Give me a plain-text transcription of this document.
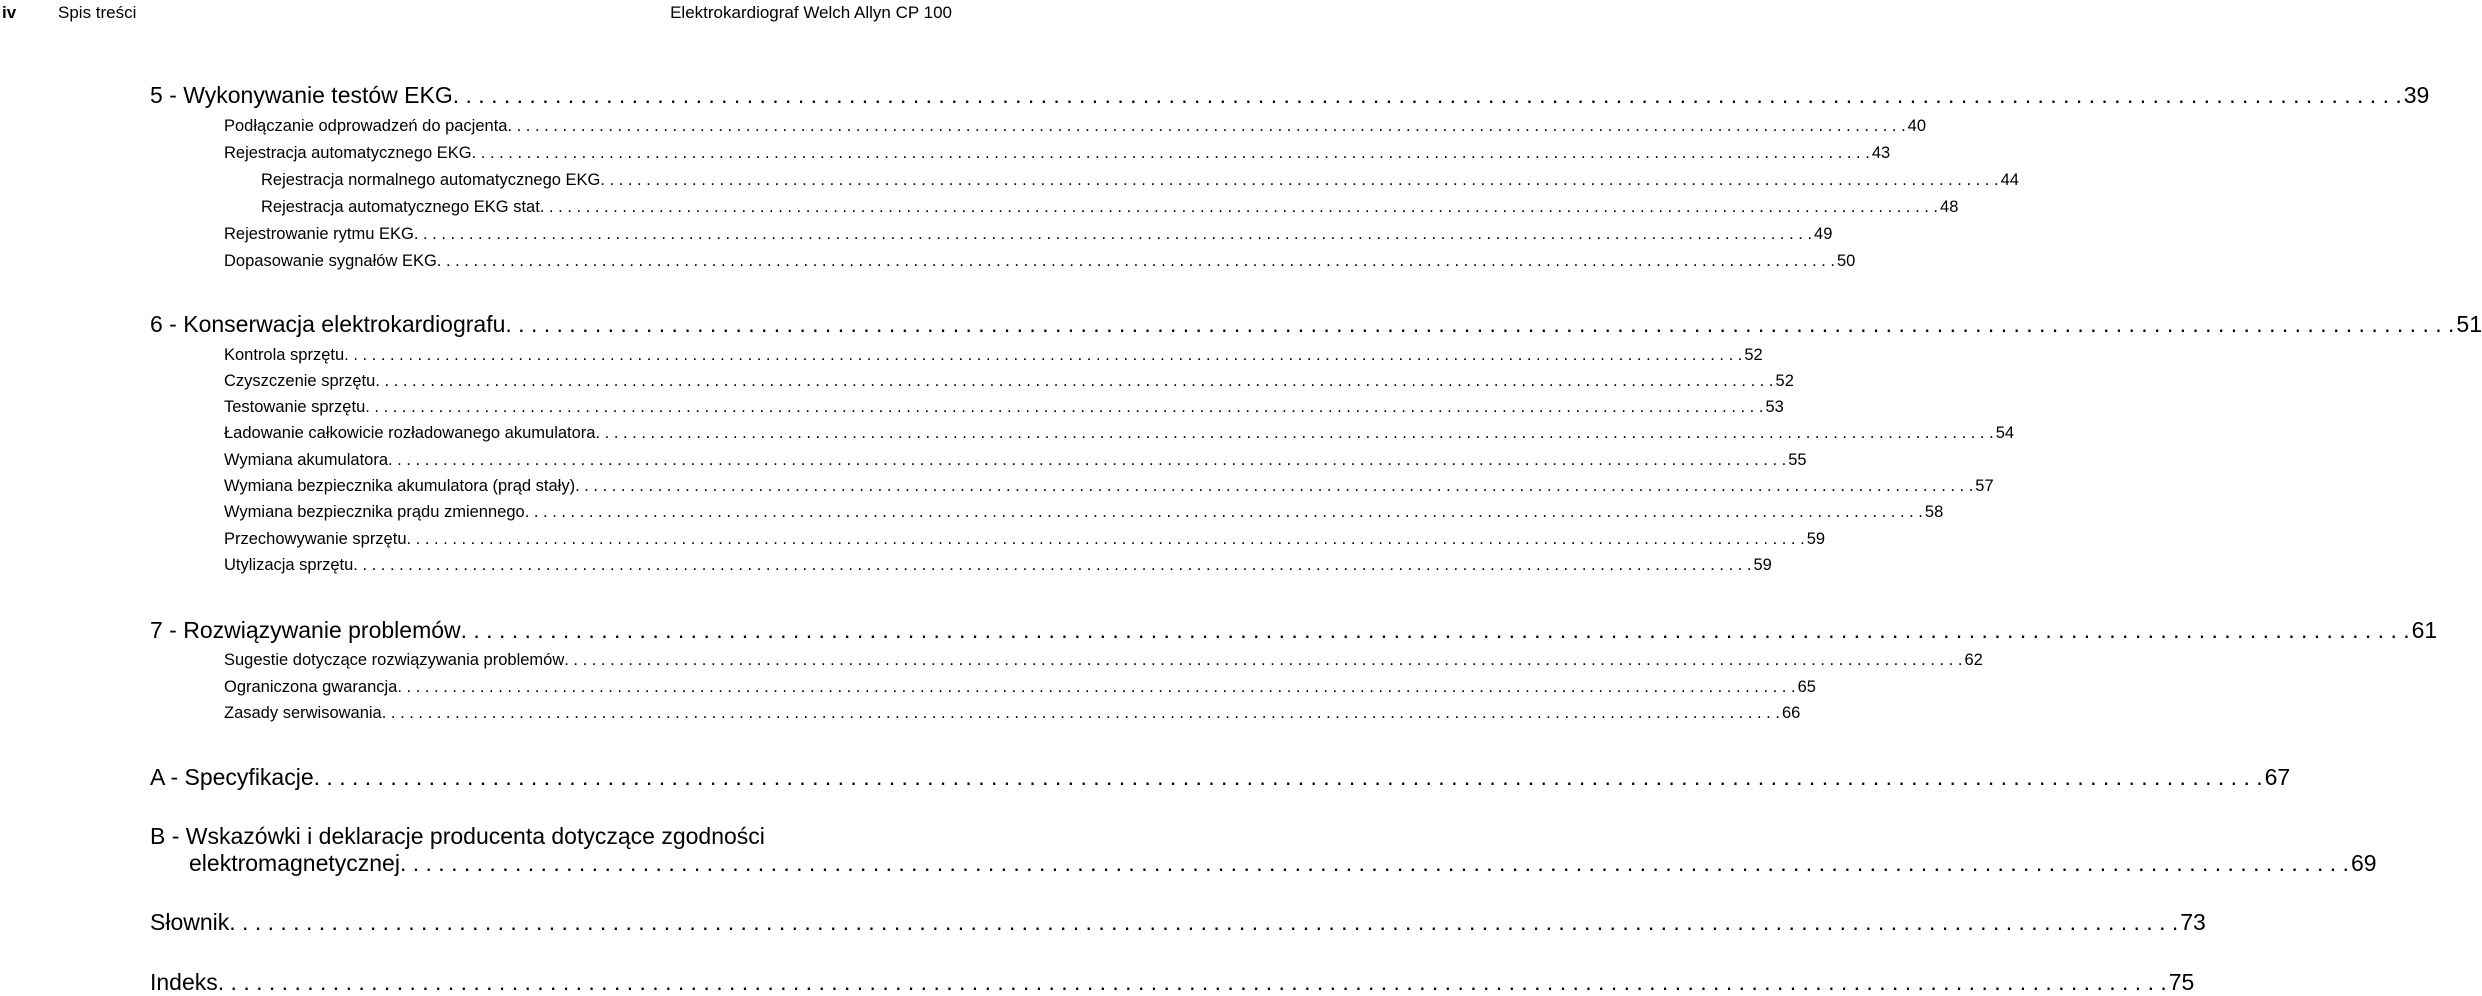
iv Spis treści	Elektrokardiograf Welch Allyn CP 100
5 - Wykonywanie testów EKG . . . . . . . . . . . . . . . . . . . . . . . . . . . . . . . . . . . . . . . . . . . . . . . . . . . . . . . . . . . . . . . . . . . . . . . . . . . . . . . . . . . . . . . . . . . . . . . . . . . . . . . . . . . . . . . . . . . . . . . . . . . . . . . . . . . . . . . . . . . . . . . . . . . . . . . . . 39
Podłączanie odprowadzeń do pacjenta . . . . . . . . . . . . . . . . . . . . . . . . . . . . . . . . . . . . . . . . . . . . . . . . . . . . . . . . . . . . . . . . . . . . . . . . . . . . . . . . . . . . . . . . . . . . . . . . . . . . . . . . . . . . . . . . . . . . . . . . . . . . . . . . . . . . . . . . . . . . . . . . . . . . . . . . . 40
Rejestracja automatycznego EKG . . . . . . . . . . . . . . . . . . . . . . . . . . . . . . . . . . . . . . . . . . . . . . . . . . . . . . . . . . . . . . . . . . . . . . . . . . . . . . . . . . . . . . . . . . . . . . . . . . . . . . . . . . . . . . . . . . . . . . . . . . . . . . . . . . . . . . . . . . . . . . . . . . . . . . . . . 43
Rejestracja normalnego automatycznego EKG . . . . . . . . . . . . . . . . . . . . . . . . . . . . . . . . . . . . . . . . . . . . . . . . . . . . . . . . . . . . . . . . . . . . . . . . . . . . . . . . . . . . . . . . . . . . . . . . . . . . . . . . . . . . . . . . . . . . . . . . . . . . . . . . . . . . . . . . . . . . . . . . . . . . . . . . . 44
Rejestracja automatycznego EKG stat . . . . . . . . . . . . . . . . . . . . . . . . . . . . . . . . . . . . . . . . . . . . . . . . . . . . . . . . . . . . . . . . . . . . . . . . . . . . . . . . . . . . . . . . . . . . . . . . . . . . . . . . . . . . . . . . . . . . . . . . . . . . . . . . . . . . . . . . . . . . . . . . . . . . . . . . . 48
Rejestrowanie rytmu EKG . . . . . . . . . . . . . . . . . . . . . . . . . . . . . . . . . . . . . . . . . . . . . . . . . . . . . . . . . . . . . . . . . . . . . . . . . . . . . . . . . . . . . . . . . . . . . . . . . . . . . . . . . . . . . . . . . . . . . . . . . . . . . . . . . . . . . . . . . . . . . . . . . . . . . . . . . 49
Dopasowanie sygnałów EKG . . . . . . . . . . . . . . . . . . . . . . . . . . . . . . . . . . . . . . . . . . . . . . . . . . . . . . . . . . . . . . . . . . . . . . . . . . . . . . . . . . . . . . . . . . . . . . . . . . . . . . . . . . . . . . . . . . . . . . . . . . . . . . . . . . . . . . . . . . . . . . . . . . . . . . . . . 50
6 - Konserwacja elektrokardiografu . . . . . . . . . . . . . . . . . . . . . . . . . . . . . . . . . . . . . . . . . . . . . . . . . . . . . . . . . . . . . . . . . . . . . . . . . . . . . . . . . . . . . . . . . . . . . . . . . . . . . . . . . . . . . . . . . . . . . . . . . . . . . . . . . . . . . . . . . . . . . . . . . . . . . . . . . 51
Kontrola sprzętu . . . . . . . . . . . . . . . . . . . . . . . . . . . . . . . . . . . . . . . . . . . . . . . . . . . . . . . . . . . . . . . . . . . . . . . . . . . . . . . . . . . . . . . . . . . . . . . . . . . . . . . . . . . . . . . . . . . . . . . . . . . . . . . . . . . . . . . . . . . . . . . . . . . . . . . . . 52
Czyszczenie sprzętu . . . . . . . . . . . . . . . . . . . . . . . . . . . . . . . . . . . . . . . . . . . . . . . . . . . . . . . . . . . . . . . . . . . . . . . . . . . . . . . . . . . . . . . . . . . . . . . . . . . . . . . . . . . . . . . . . . . . . . . . . . . . . . . . . . . . . . . . . . . . . . . . . . . . . . . . . 52
Testowanie sprzętu . . . . . . . . . . . . . . . . . . . . . . . . . . . . . . . . . . . . . . . . . . . . . . . . . . . . . . . . . . . . . . . . . . . . . . . . . . . . . . . . . . . . . . . . . . . . . . . . . . . . . . . . . . . . . . . . . . . . . . . . . . . . . . . . . . . . . . . . . . . . . . . . . . . . . . . . . 53
Ładowanie całkowicie rozładowanego akumulatora . . . . . . . . . . . . . . . . . . . . . . . . . . . . . . . . . . . . . . . . . . . . . . . . . . . . . . . . . . . . . . . . . . . . . . . . . . . . . . . . . . . . . . . . . . . . . . . . . . . . . . . . . . . . . . . . . . . . . . . . . . . . . . . . . . . . . . . . . . . . . . . . . . . . . . . . . 54
Wymiana akumulatora . . . . . . . . . . . . . . . . . . . . . . . . . . . . . . . . . . . . . . . . . . . . . . . . . . . . . . . . . . . . . . . . . . . . . . . . . . . . . . . . . . . . . . . . . . . . . . . . . . . . . . . . . . . . . . . . . . . . . . . . . . . . . . . . . . . . . . . . . . . . . . . . . . . . . . . . . 55
Wymiana bezpiecznika akumulatora (prąd stały) . . . . . . . . . . . . . . . . . . . . . . . . . . . . . . . . . . . . . . . . . . . . . . . . . . . . . . . . . . . . . . . . . . . . . . . . . . . . . . . . . . . . . . . . . . . . . . . . . . . . . . . . . . . . . . . . . . . . . . . . . . . . . . . . . . . . . . . . . . . . . . . . . . . . . . . . . 57
Wymiana bezpiecznika prądu zmiennego . . . . . . . . . . . . . . . . . . . . . . . . . . . . . . . . . . . . . . . . . . . . . . . . . . . . . . . . . . . . . . . . . . . . . . . . . . . . . . . . . . . . . . . . . . . . . . . . . . . . . . . . . . . . . . . . . . . . . . . . . . . . . . . . . . . . . . . . . . . . . . . . . . . . . . . . . 58
Przechowywanie sprzętu . . . . . . . . . . . . . . . . . . . . . . . . . . . . . . . . . . . . . . . . . . . . . . . . . . . . . . . . . . . . . . . . . . . . . . . . . . . . . . . . . . . . . . . . . . . . . . . . . . . . . . . . . . . . . . . . . . . . . . . . . . . . . . . . . . . . . . . . . . . . . . . . . . . . . . . . . 59
Utylizacja sprzętu . . . . . . . . . . . . . . . . . . . . . . . . . . . . . . . . . . . . . . . . . . . . . . . . . . . . . . . . . . . . . . . . . . . . . . . . . . . . . . . . . . . . . . . . . . . . . . . . . . . . . . . . . . . . . . . . . . . . . . . . . . . . . . . . . . . . . . . . . . . . . . . . . . . . . . . . . 59
7 - Rozwiązywanie problemów . . . . . . . . . . . . . . . . . . . . . . . . . . . . . . . . . . . . . . . . . . . . . . . . . . . . . . . . . . . . . . . . . . . . . . . . . . . . . . . . . . . . . . . . . . . . . . . . . . . . . . . . . . . . . . . . . . . . . . . . . . . . . . . . . . . . . . . . . . . . . . . . . . . . . . . . . 61
Sugestie dotyczące rozwiązywania problemów . . . . . . . . . . . . . . . . . . . . . . . . . . . . . . . . . . . . . . . . . . . . . . . . . . . . . . . . . . . . . . . . . . . . . . . . . . . . . . . . . . . . . . . . . . . . . . . . . . . . . . . . . . . . . . . . . . . . . . . . . . . . . . . . . . . . . . . . . . . . . . . . . . . . . . . . . 62
Ograniczona gwarancja . . . . . . . . . . . . . . . . . . . . . . . . . . . . . . . . . . . . . . . . . . . . . . . . . . . . . . . . . . . . . . . . . . . . . . . . . . . . . . . . . . . . . . . . . . . . . . . . . . . . . . . . . . . . . . . . . . . . . . . . . . . . . . . . . . . . . . . . . . . . . . . . . . . . . . . . . 65
Zasady serwisowania . . . . . . . . . . . . . . . . . . . . . . . . . . . . . . . . . . . . . . . . . . . . . . . . . . . . . . . . . . . . . . . . . . . . . . . . . . . . . . . . . . . . . . . . . . . . . . . . . . . . . . . . . . . . . . . . . . . . . . . . . . . . . . . . . . . . . . . . . . . . . . . . . . . . . . . . . 66
A - Specyfikacje . . . . . . . . . . . . . . . . . . . . . . . . . . . . . . . . . . . . . . . . . . . . . . . . . . . . . . . . . . . . . . . . . . . . . . . . . . . . . . . . . . . . . . . . . . . . . . . . . . . . . . . . . . . . . . . . . . . . . . . . . . . . . . . . . . . . . . . . . . . . . . . . . . . . . . . . . 67
B - Wskazówki i deklaracje producenta dotyczące zgodności
elektromagnetycznej . . . . . . . . . . . . . . . . . . . . . . . . . . . . . . . . . . . . . . . . . . . . . . . . . . . . . . . . . . . . . . . . . . . . . . . . . . . . . . . . . . . . . . . . . . . . . . . . . . . . . . . . . . . . . . . . . . . . . . . . . . . . . . . . . . . . . . . . . . . . . . . . . . . . . . . . . 69
Słownik . . . . . . . . . . . . . . . . . . . . . . . . . . . . . . . . . . . . . . . . . . . . . . . . . . . . . . . . . . . . . . . . . . . . . . . . . . . . . . . . . . . . . . . . . . . . . . . . . . . . . . . . . . . . . . . . . . . . . . . . . . . . . . . . . . . . . . . . . . . . . . . . . . . . . . . . . 73
Indeks . . . . . . . . . . . . . . . . . . . . . . . . . . . . . . . . . . . . . . . . . . . . . . . . . . . . . . . . . . . . . . . . . . . . . . . . . . . . . . . . . . . . . . . . . . . . . . . . . . . . . . . . . . . . . . . . . . . . . . . . . . . . . . . . . . . . . . . . . . . . . . . . . . . . . . . . . 75
